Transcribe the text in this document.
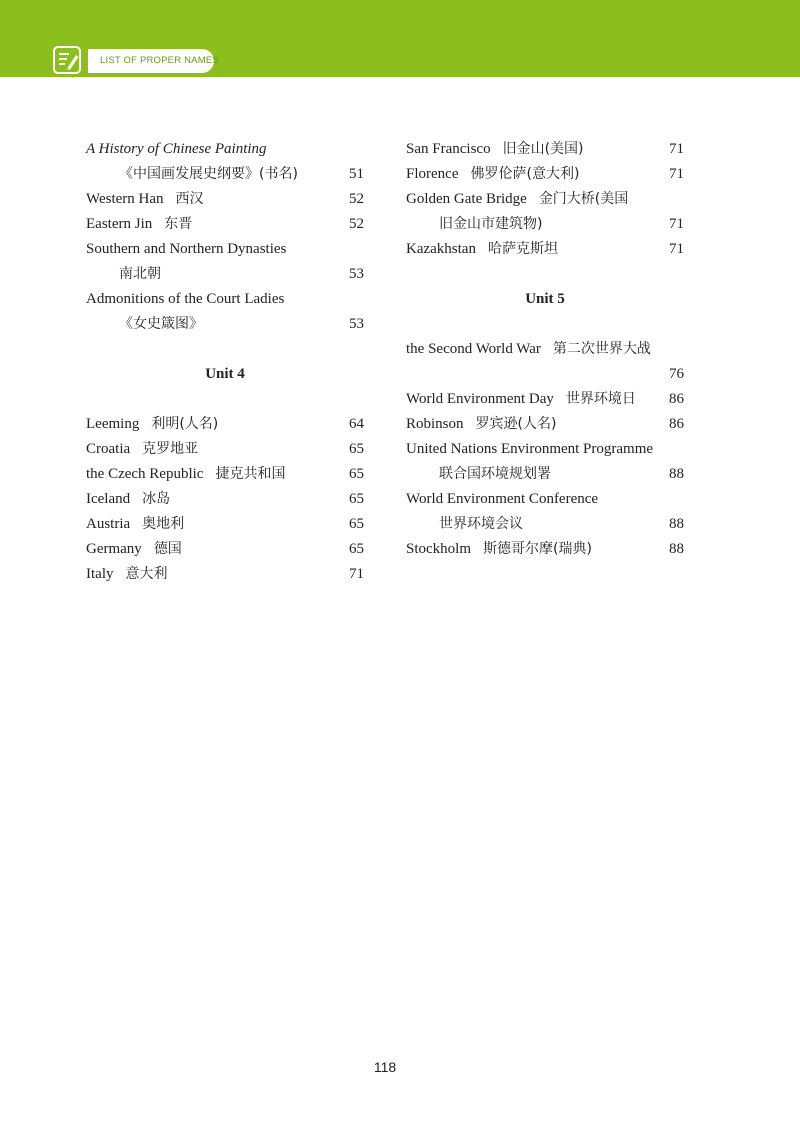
LIST OF PROPER NAMES
A History of Chinese Painting
《中国画发展史纲要》(书名)	51
Western Han 西汉	52
Eastern Jin 东晋	52
Southern and Northern Dynasties
南北朝	53
Admonitions of the Court Ladies
《女史箴图》	53
Unit 4
Leeming 利明(人名)	64
Croatia 克罗地亚	65
the Czech Republic 捷克共和国	65
Iceland 冰岛	65
Austria 奥地利	65
Germany 德国	65
Italy 意大利	71
San Francisco 旧金山(美国)	71
Florence 佛罗伦萨(意大利)	71
Golden Gate Bridge 金门大桥(美国
旧金山市建筑物)	71
Kazakhstan 哈萨克斯坦	71
Unit 5
the Second World War 第二次世界大战
76
World Environment Day 世界环境日 86
Robinson 罗宾逊(人名)	86
United Nations Environment Programme
联合国环境规划署	88
World Environment Conference
世界环境会议	88
Stockholm 斯德哥尔摩(瑞典)	88
118
